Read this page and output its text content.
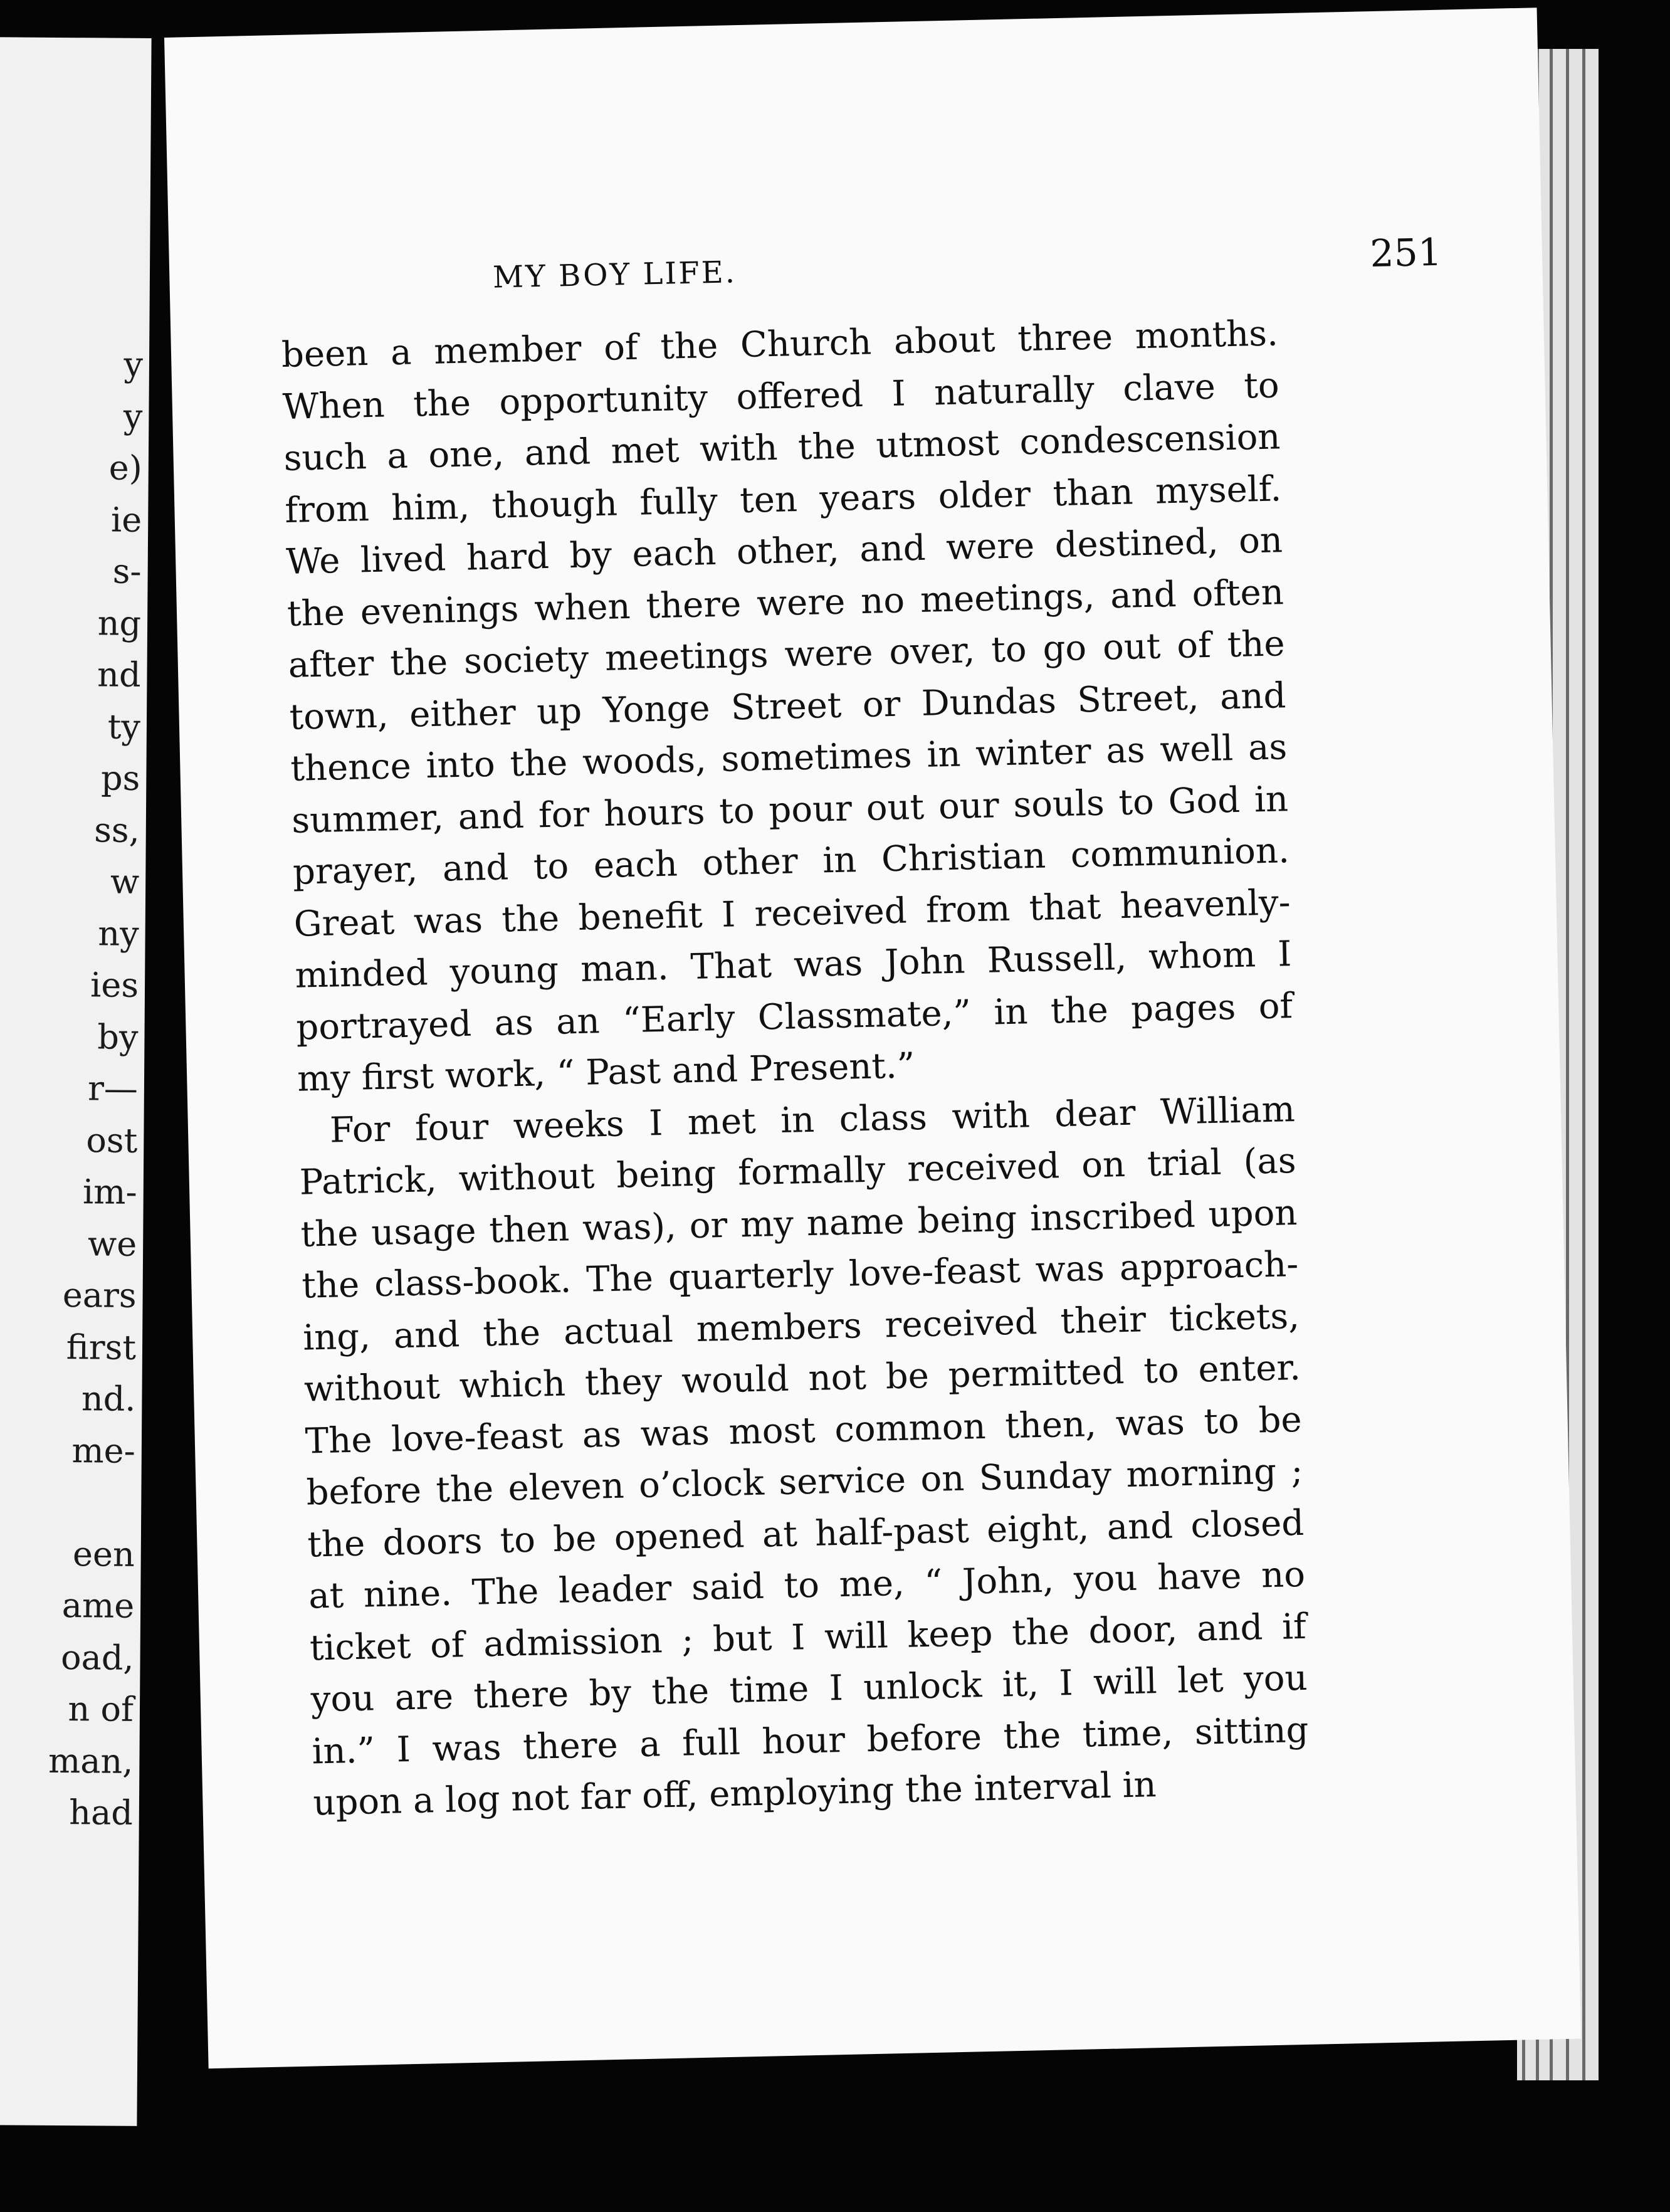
y
y
e)
ie
s-
ng
nd
ty
ps
ss,
w
ny
ies
by
r—
ost
im-
we
ears
first
nd.
me-
een
ame
oad,
n of
man,
had
MY BOY LIFE.	251
been a member of the Church about three months.
When the opportunity offered I naturally clave to
such a one, and met with the utmost condescension
from him, though fully ten years older than myself.
We lived hard by each other, and were destined, on
the evenings when there were no meetings, and often
after the society meetings were over, to go out of the
town, either up Yonge Street or Dundas Street, and
thence into the woods, sometimes in winter as well as
summer, and for hours to pour out our souls to God in
prayer, and to each other in Christian communion.
Great was the benefit I received from that heavenly-
minded young man. That was John Russell, whom I
portrayed as an “Early Classmate,” in the pages of
my first work, “ Past and Present.”
For four weeks I met in class with dear William
Patrick, without being formally received on trial (as
the usage then was), or my name being inscribed upon
the class-book. The quarterly love-feast was approach-
ing, and the actual members received their tickets,
without which they would not be permitted to enter.
The love-feast as was most common then, was to be
before the eleven o’clock service on Sunday morning ;
the doors to be opened at half-past eight, and closed
at nine. The leader said to me, “ John, you have no
ticket of admission ; but I will keep the door, and if
you are there by the time I unlock it, I will let you
in.” I was there a full hour before the time, sitting
upon a log not far off, employing the interval in
